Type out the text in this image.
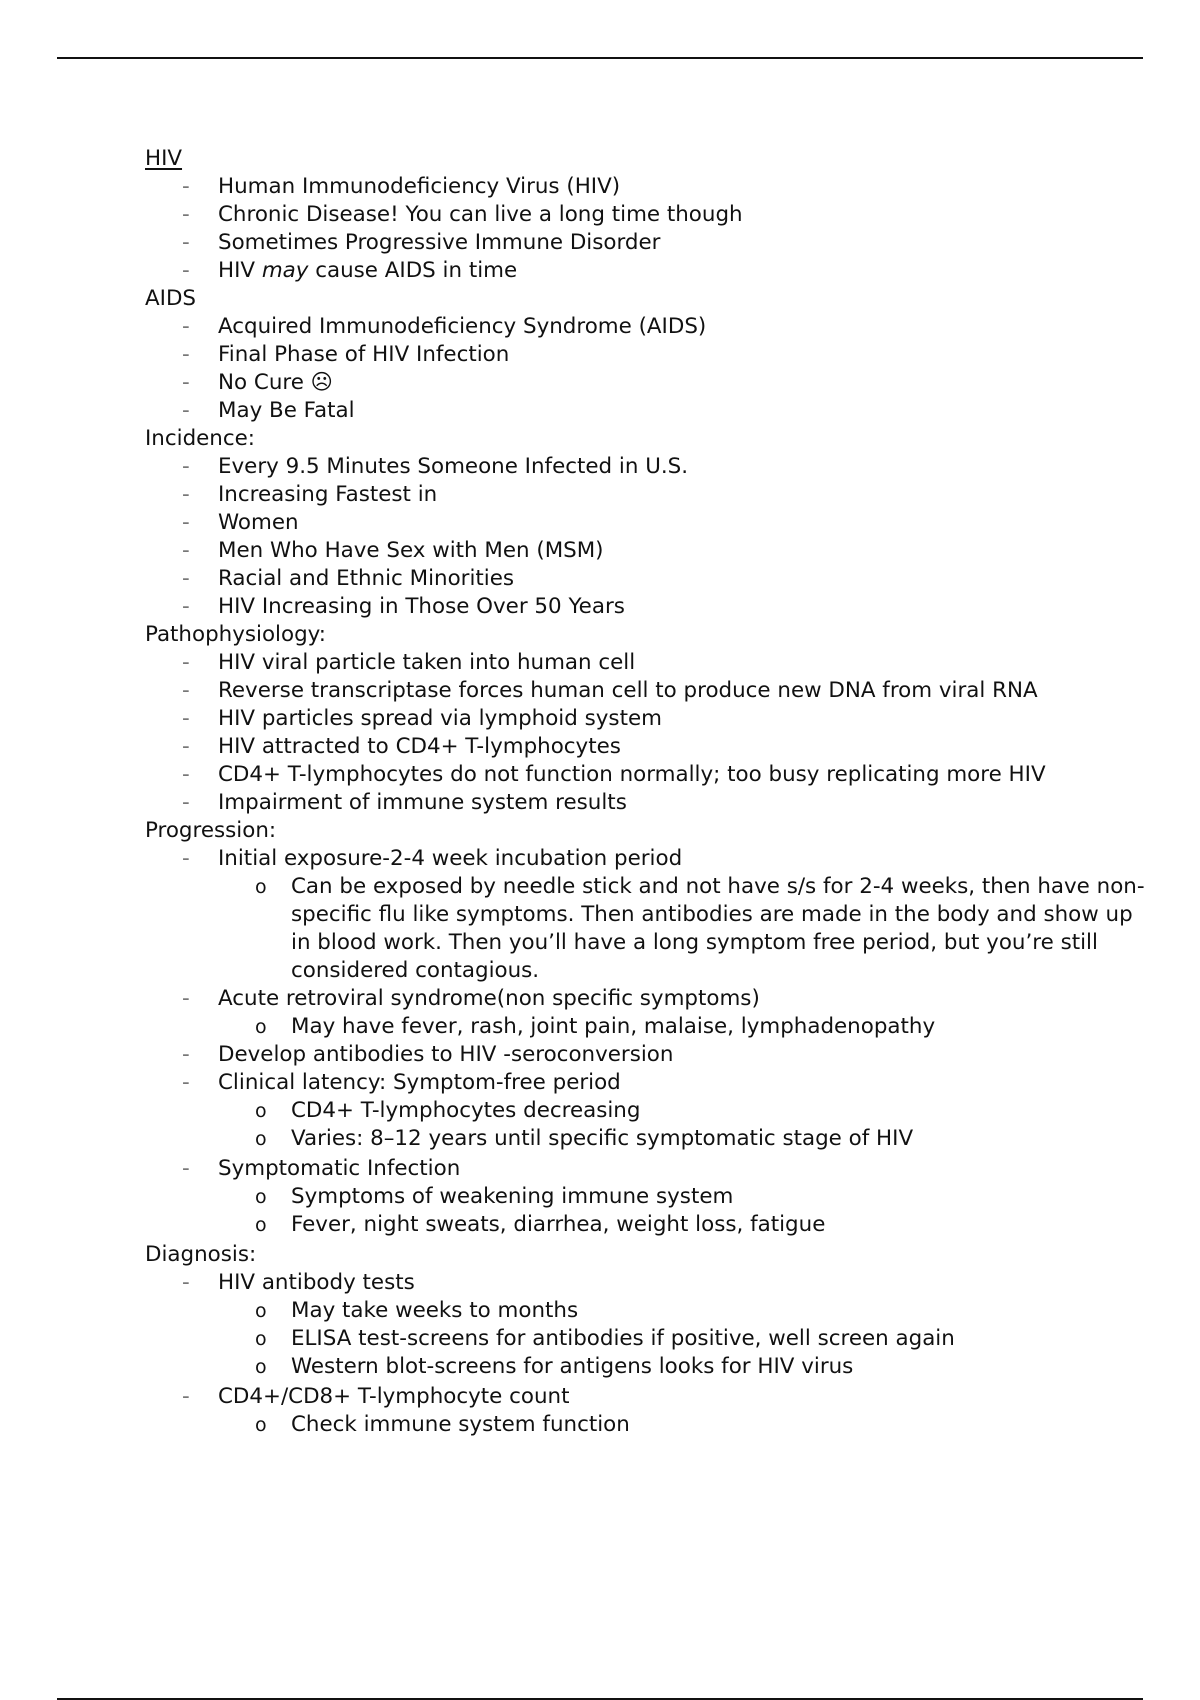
HIV
- Human Immunodeficiency Virus (HIV)
- Chronic Disease! You can live a long time though
- Sometimes Progressive Immune Disorder
- HIV may cause AIDS in time
AIDS
- Acquired Immunodeficiency Syndrome (AIDS)
- Final Phase of HIV Infection
- No Cure ☹
- May Be Fatal
Incidence:
- Every 9.5 Minutes Someone Infected in U.S.
- Increasing Fastest in
- Women
- Men Who Have Sex with Men (MSM)
- Racial and Ethnic Minorities
- HIV Increasing in Those Over 50 Years
Pathophysiology:
- HIV viral particle taken into human cell
- Reverse transcriptase forces human cell to produce new DNA from viral RNA
- HIV particles spread via lymphoid system
- HIV attracted to CD4+ T-lymphocytes
- CD4+ T-lymphocytes do not function normally; too busy replicating more HIV
- Impairment of immune system results
Progression:
- Initial exposure-2-4 week incubation period
o Can be exposed by needle stick and not have s/s for 2-4 weeks, then have non-specific flu like symptoms. Then antibodies are made in the body and show up in blood work. Then you’ll have a long symptom free period, but you’re still considered contagious.
- Acute retroviral syndrome(non specific symptoms)
o May have fever, rash, joint pain, malaise, lymphadenopathy
- Develop antibodies to HIV -seroconversion
- Clinical latency: Symptom-free period
o CD4+ T-lymphocytes decreasing
o Varies: 8–12 years until specific symptomatic stage of HIV
- Symptomatic Infection
o Symptoms of weakening immune system
o Fever, night sweats, diarrhea, weight loss, fatigue
Diagnosis:
- HIV antibody tests
o May take weeks to months
o ELISA test-screens for antibodies if positive, well screen again
o Western blot-screens for antigens looks for HIV virus
- CD4+/CD8+ T-lymphocyte count
o Check immune system function
